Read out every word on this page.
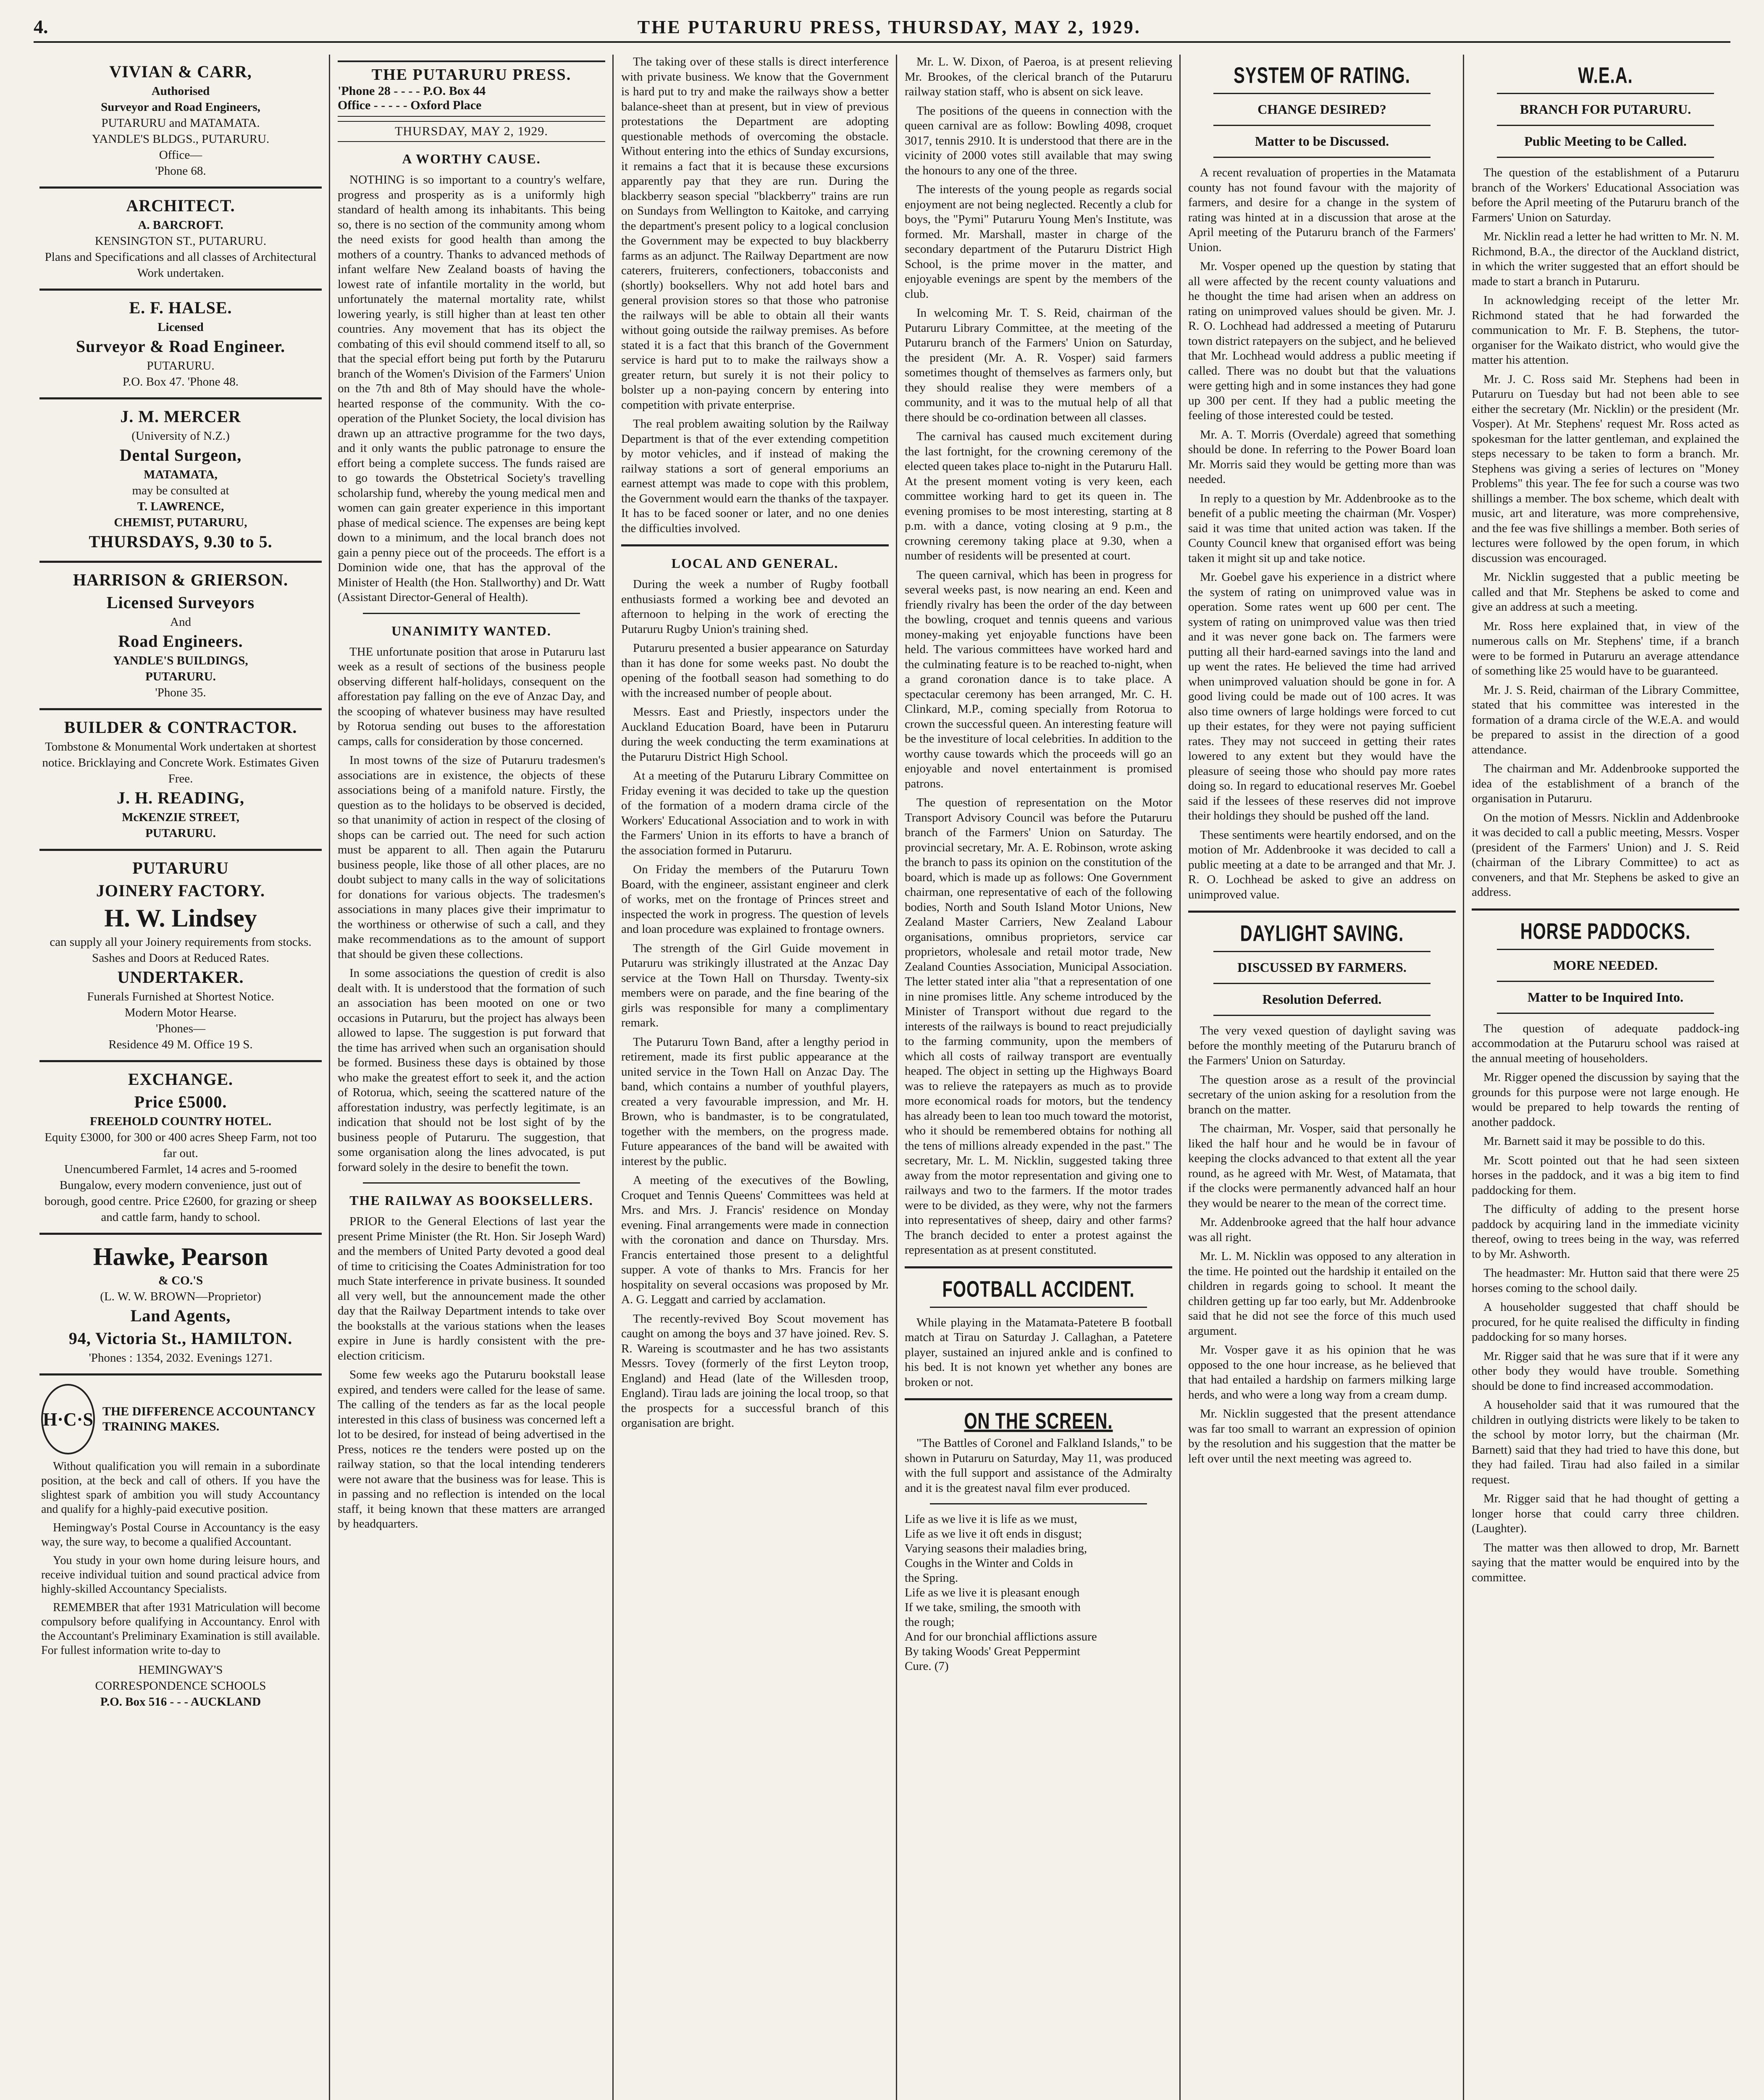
4.	THE PUTARURU PRESS, THURSDAY, MAY 2, 1929.
VIVIAN & CARR,
Authorised
Surveyor and Road Engineers,
PUTARURU and MATAMATA.
YANDLE'S BLDGS., PUTARURU.
Office—
'Phone 68.
ARCHITECT.
A. BARCROFT.
KENSINGTON ST., PUTARURU.
Plans and Specifications and all classes of Architectural Work undertaken.
E. F. HALSE.
Licensed
Surveyor & Road Engineer.
PUTARURU.
P.O. Box 47. 'Phone 48.
J. M. MERCER
(University of N.Z.)
Dental Surgeon,
MATAMATA,
may be consulted at
T. LAWRENCE,
CHEMIST, PUTARURU,
THURSDAYS, 9.30 to 5.
HARRISON & GRIERSON.
Licensed Surveyors
And
Road Engineers.
YANDLE'S BUILDINGS,
PUTARURU.
'Phone 35.
BUILDER & CONTRACTOR.
Tombstone & Monumental Work undertaken at shortest notice. Bricklaying and Concrete Work. Estimates Given Free.
J. H. READING,
McKENZIE STREET,
PUTARURU.
PUTARURU
JOINERY FACTORY.
H. W. Lindsey
can supply all your Joinery requirements from stocks. Sashes and Doors at Reduced Rates.
UNDERTAKER.
Funerals Furnished at Shortest Notice.
Modern Motor Hearse.
'Phones—
Residence 49 M. Office 19 S.
EXCHANGE.
Price £5000.
FREEHOLD COUNTRY HOTEL.
Equity £3000, for 300 or 400 acres Sheep Farm, not too far out.
Unencumbered Farmlet, 14 acres and 5-roomed Bungalow, every modern convenience, just out of borough, good centre. Price £2600, for grazing or sheep and cattle farm, handy to school.
Hawke, Pearson
& CO.'S
(L. W. W. BROWN—Proprietor)
Land Agents,
94, Victoria St., HAMILTON.
'Phones : 1354, 2032. Evenings 1271.
H·C·S THE DIFFERENCE ACCOUNTANCY TRAINING MAKES.

Without qualification you will remain in a subordinate position, at the beck and call of others. If you have the slightest spark of ambition you will study Accountancy and qualify for a highly-paid executive position.

Hemingway's Postal Course in Accountancy is the easy way, the sure way, to become a qualified Accountant.

You study in your own home during leisure hours, and receive individual tuition and sound practical advice from highly-skilled Accountancy Specialists.

REMEMBER that after 1931 Matriculation will become compulsory before qualifying in Accountancy. Enrol with the Accountant's Preliminary Examination is still available. For fullest information write to-day to

HEMINGWAY'S
CORRESPONDENCE SCHOOLS
P.O. Box 516 - - - AUCKLAND
THE PUTARURU PRESS.
'Phone 28 - - - - P.O. Box 44
Office - - - - - Oxford Place
THURSDAY, MAY 2, 1929.
A WORTHY CAUSE.

NOTHING is so important to a country's welfare, progress and prosperity as is a uniformly high standard of health among its inhabitants. This being so, there is no section of the community among whom the need exists for good health than among the mothers of a country. Thanks to advanced methods of infant welfare New Zealand boasts of having the lowest rate of infantile mortality in the world, but unfortunately the maternal mortality rate, whilst lowering yearly, is still higher than at least ten other countries. Any movement that has its object the combating of this evil should commend itself to all, so that the special effort being put forth by the Putaruru branch of the Women's Division of the Farmers' Union on the 7th and 8th of May should have the whole-hearted response of the community. With the co-operation of the Plunket Society, the local division has drawn up an attractive programme for the two days, and it only wants the public patronage to ensure the effort being a complete success. The funds raised are to go towards the Obstetrical Society's travelling scholarship fund, whereby the young medical men and women can gain greater experience in this important phase of medical science. The expenses are being kept down to a minimum, and the local branch does not gain a penny piece out of the proceeds. The effort is a Dominion wide one, that has the approval of the Minister of Health (the Hon. Stallworthy) and Dr. Watt (Assistant Director-General of Health).

UNANIMITY WANTED.

THE unfortunate position that arose in Putaruru last week as a result of sections of the business people observing different half-holidays, consequent on the afforestation pay falling on the eve of Anzac Day, and the scooping of whatever business may have resulted by Rotorua sending out buses to the afforestation camps, calls for consideration by those concerned.

In most towns of the size of Putaruru tradesmen's associations are in existence, the objects of these associations being of a manifold nature. Firstly, the question as to the holidays to be observed is decided, so that unanimity of action in respect of the closing of shops can be carried out. The need for such action must be apparent to all. Then again the Putaruru business people, like those of all other places, are no doubt subject to many calls in the way of solicitations for donations for various objects. The tradesmen's associations in many places give their imprimatur to the worthiness or otherwise of such a call, and they make recommendations as to the amount of support that should be given these collections.

In some associations the question of credit is also dealt with. It is understood that the formation of such an association has been mooted on one or two occasions in Putaruru, but the project has always been allowed to lapse. The suggestion is put forward that the time has arrived when such an organisation should be formed. Business these days is obtained by those who make the greatest effort to seek it, and the action of Rotorua, which, seeing the scattered nature of the afforestation industry, was perfectly legitimate, is an indication that should not be lost sight of by the business people of Putaruru. The suggestion, that some organisation along the lines advocated, is put forward solely in the desire to benefit the town.

THE RAILWAY AS BOOKSELLERS.

PRIOR to the General Elections of last year the present Prime Minister (the Rt. Hon. Sir Joseph Ward) and the members of United Party devoted a good deal of time to criticising the Coates Administration for too much State interference in private business. It sounded all very well, but the announcement made the other day that the Railway Department intends to take over the bookstalls at the various stations when the leases expire in June is hardly consistent with the pre-election criticism.

Some few weeks ago the Putaruru bookstall lease expired, and tenders were called for the lease of same. The calling of the tenders as far as the local people interested in this class of business was concerned left a lot to be desired, for instead of being advertised in the Press, notices re the tenders were posted up on the railway station, so that the local intending tenderers were not aware that the business was for lease. This is in passing and no reflection is intended on the local staff, it being known that these matters are arranged by headquarters.

The taking over of these stalls is direct interference with private business. We know that the Government is hard put to try and make the railways show a better balance-sheet than at present, but in view of previous protestations the Department are adopting questionable methods of overcoming the obstacle. Without entering into the ethics of Sunday excursions, it remains a fact that it is because these excursions apparently pay that they are run. During the blackberry season special "blackberry" trains are run on Sundays from Wellington to Kaitoke, and carrying the department's present policy to a logical conclusion the Government may be expected to buy blackberry farms as an adjunct. The Railway Department are now caterers, fruiterers, confectioners, tobacconists and (shortly) booksellers. Why not add hotel bars and general provision stores so that those who patronise the railways will be able to obtain all their wants without going outside the railway premises. As before stated it is a fact that this branch of the Government service is hard put to to make the railways show a greater return, but surely it is not their policy to bolster up a non-paying concern by entering into competition with private enterprise.

The real problem awaiting solution by the Railway Department is that of the ever extending competition by motor vehicles, and if instead of making the railway stations a sort of general emporiums an earnest attempt was made to cope with this problem, the Government would earn the thanks of the taxpayer. It has to be faced sooner or later, and no one denies the difficulties involved.

LOCAL AND GENERAL.

During the week a number of Rugby football enthusiasts formed a working bee and devoted an afternoon to helping in the work of erecting the Putaruru Rugby Union's training shed.

Putaruru presented a busier appearance on Saturday than it has done for some weeks past. No doubt the opening of the football season had something to do with the increased number of people about.

Messrs. East and Priestly, inspectors under the Auckland Education Board, have been in Putaruru during the week conducting the term examinations at the Putaruru District High School.

At a meeting of the Putaruru Library Committee on Friday evening it was decided to take up the question of the formation of a modern drama circle of the Workers' Educational Association and to work in with the Farmers' Union in its efforts to have a branch of the association formed in Putaruru.

On Friday the members of the Putaruru Town Board, with the engineer, assistant engineer and clerk of works, met on the frontage of Princes street and inspected the work in progress. The question of levels and loan procedure was explained to frontage owners.

The strength of the Girl Guide movement in Putaruru was strikingly illustrated at the Anzac Day service at the Town Hall on Thursday. Twenty-six members were on parade, and the fine bearing of the girls was responsible for many a complimentary remark.

The Putaruru Town Band, after a lengthy period in retirement, made its first public appearance at the united service in the Town Hall on Anzac Day. The band, which contains a number of youthful players, created a very favourable impression, and Mr. H. Brown, who is bandmaster, is to be congratulated, together with the members, on the progress made. Future appearances of the band will be awaited with interest by the public.

A meeting of the executives of the Bowling, Croquet and Tennis Queens' Committees was held at Mrs. and Mrs. J. Francis' residence on Monday evening. Final arrangements were made in connection with the coronation and dance on Thursday. Mrs. Francis entertained those present to a delightful supper. A vote of thanks to Mrs. Francis for her hospitality on several occasions was proposed by Mr. A. G. Leggatt and carried by acclamation.

The recently-revived Boy Scout movement has caught on among the boys and 37 have joined. Rev. S. R. Wareing is scoutmaster and he has two assistants Messrs. Tovey (formerly of the first Leyton troop, England) and Head (late of the Willesden troop, England). Tirau lads are joining the local troop, so that the prospects for a successful branch of this organisation are bright.

Mr. L. W. Dixon, of Paeroa, is at present relieving Mr. Brookes, of the clerical branch of the Putaruru railway station staff, who is absent on sick leave.

The positions of the queens in connection with the queen carnival are as follow: Bowling 4098, croquet 3017, tennis 2910. It is understood that there are in the vicinity of 2000 votes still available that may swing the honours to any one of the three.

The interests of the young people as regards social enjoyment are not being neglected. Recently a club for boys, the "Pymi" Putaruru Young Men's Institute, was formed. Mr. Marshall, master in charge of the secondary department of the Putaruru District High School, is the prime mover in the matter, and enjoyable evenings are spent by the members of the club.

In welcoming Mr. T. S. Reid, chairman of the Putaruru Library Committee, at the meeting of the Putaruru branch of the Farmers' Union on Saturday, the president (Mr. A. R. Vosper) said farmers sometimes thought of themselves as farmers only, but they should realise they were members of a community, and it was to the mutual help of all that there should be co-ordination between all classes.

The carnival has caused much excitement during the last fortnight, for the crowning ceremony of the elected queen takes place to-night in the Putaruru Hall. At the present moment voting is very keen, each committee working hard to get its queen in. The evening promises to be most interesting, starting at 8 p.m. with a dance, voting closing at 9 p.m., the crowning ceremony taking place at 9.30, when a number of residents will be presented at court.

The queen carnival, which has been in progress for several weeks past, is now nearing an end. Keen and friendly rivalry has been the order of the day between the bowling, croquet and tennis queens and various money-making yet enjoyable functions have been held. The various committees have worked hard and the culminating feature is to be reached to-night, when a grand coronation dance is to take place. A spectacular ceremony has been arranged, Mr. C. H. Clinkard, M.P., coming specially from Rotorua to crown the successful queen. An interesting feature will be the investiture of local celebrities. In addition to the worthy cause towards which the proceeds will go an enjoyable and novel entertainment is promised patrons.

The question of representation on the Motor Transport Advisory Council was before the Putaruru branch of the Farmers' Union on Saturday. The provincial secretary, Mr. A. E. Robinson, wrote asking the branch to pass its opinion on the constitution of the board, which is made up as follows: One Government chairman, one representative of each of the following bodies, North and South Island Motor Unions, New Zealand Master Carriers, New Zealand Labour organisations, omnibus proprietors, service car proprietors, wholesale and retail motor trade, New Zealand Counties Association, Municipal Association. The letter stated inter alia "that a representation of one in nine promises little. Any scheme introduced by the Minister of Transport without due regard to the interests of the railways is bound to react prejudicially to the farming community, upon the members of which all costs of railway transport are eventually heaped. The object in setting up the Highways Board was to relieve the ratepayers as much as to provide more economical roads for motors, but the tendency has already been to lean too much toward the motorist, who it should be remembered obtains for nothing all the tens of millions already expended in the past." The secretary, Mr. L. M. Nicklin, suggested taking three away from the motor representation and giving one to railways and two to the farmers. If the motor trades were to be divided, as they were, why not the farmers into representatives of sheep, dairy and other farms? The branch decided to enter a protest against the representation as at present constituted.

FOOTBALL ACCIDENT.

While playing in the Matamata-Patetere B football match at Tirau on Saturday J. Callaghan, a Patetere player, sustained an injured ankle and is confined to his bed. It is not known yet whether any bones are broken or not.

ON THE SCREEN.

"The Battles of Coronel and Falkland Islands," to be shown in Putaruru on Saturday, May 11, was produced with the full support and assistance of the Admiralty and it is the greatest naval film ever produced.

Life as we live it is life as we must,
Life as we live it oft ends in disgust;
Varying seasons their maladies bring,
Coughs in the Winter and Colds in
the Spring.
Life as we live it is pleasant enough
If we take, smiling, the smooth with
the rough;
And for our bronchial afflictions assure
By taking Woods' Great Peppermint
Cure. (7)
SYSTEM OF RATING.
CHANGE DESIRED?
Matter to be Discussed.

A recent revaluation of properties in the Matamata county has not found favour with the majority of farmers, and desire for a change in the system of rating was hinted at in a discussion that arose at the April meeting of the Putaruru branch of the Farmers' Union.

Mr. Vosper opened up the question by stating that all were affected by the recent county valuations and he thought the time had arisen when an address on rating on unimproved values should be given. Mr. J. R. O. Lochhead had addressed a meeting of Putaruru town district ratepayers on the subject, and he believed that Mr. Lochhead would address a public meeting if called. There was no doubt but that the valuations were getting high and in some instances they had gone up 300 per cent. If they had a public meeting the feeling of those interested could be tested.

Mr. A. T. Morris (Overdale) agreed that something should be done. In referring to the Power Board loan Mr. Morris said they would be getting more than was needed.

In reply to a question by Mr. Addenbrooke as to the benefit of a public meeting the chairman (Mr. Vosper) said it was time that united action was taken. If the County Council knew that organised effort was being taken it might sit up and take notice.

Mr. Goebel gave his experience in a district where the system of rating on unimproved value was in operation. Some rates went up 600 per cent. The system of rating on unimproved value was then tried and it was never gone back on. The farmers were putting all their hard-earned savings into the land and up went the rates. He believed the time had arrived when unimproved valuation should be gone in for. A good living could be made out of 100 acres. It was also time owners of large holdings were forced to cut up their estates, for they were not paying sufficient rates. They may not succeed in getting their rates lowered to any extent but they would have the pleasure of seeing those who should pay more rates doing so. In regard to educational reserves Mr. Goebel said if the lessees of these reserves did not improve their holdings they should be pushed off the land.

These sentiments were heartily endorsed, and on the motion of Mr. Addenbrooke it was decided to call a public meeting at a date to be arranged and that Mr. J. R. O. Lochhead be asked to give an address on unimproved value.

DAYLIGHT SAVING.
DISCUSSED BY FARMERS.
Resolution Deferred.

The very vexed question of daylight saving was before the monthly meeting of the Putaruru branch of the Farmers' Union on Saturday.

The question arose as a result of the provincial secretary of the union asking for a resolution from the branch on the matter.

The chairman, Mr. Vosper, said that personally he liked the half hour and he would be in favour of keeping the clocks advanced to that extent all the year round, as he agreed with Mr. West, of Matamata, that if the clocks were permanently advanced half an hour they would be nearer to the mean of the correct time.

Mr. Addenbrooke agreed that the half hour advance was all right.

Mr. L. M. Nicklin was opposed to any alteration in the time. He pointed out the hardship it entailed on the children in regards going to school. It meant the children getting up far too early, but Mr. Addenbrooke said that he did not see the force of this much used argument.

Mr. Vosper gave it as his opinion that he was opposed to the one hour increase, as he believed that that had entailed a hardship on farmers milking large herds, and who were a long way from a cream dump.

Mr. Nicklin suggested that the present attendance was far too small to warrant an expression of opinion by the resolution and his suggestion that the matter be left over until the next meeting was agreed to.

W.E.A.
BRANCH FOR PUTARURU.
Public Meeting to be Called.

The question of the establishment of a Putaruru branch of the Workers' Educational Association was before the April meeting of the Putaruru branch of the Farmers' Union on Saturday.

Mr. Nicklin read a letter he had written to Mr. N. M. Richmond, B.A., the director of the Auckland district, in which the writer suggested that an effort should be made to start a branch in Putaruru.

In acknowledging receipt of the letter Mr. Richmond stated that he had forwarded the communication to Mr. F. B. Stephens, the tutor-organiser for the Waikato district, who would give the matter his attention.

Mr. J. C. Ross said Mr. Stephens had been in Putaruru on Tuesday but had not been able to see either the secretary (Mr. Nicklin) or the president (Mr. Vosper). At Mr. Stephens' request Mr. Ross acted as spokesman for the latter gentleman, and explained the steps necessary to be taken to form a branch. Mr. Stephens was giving a series of lectures on "Money Problems" this year. The fee for such a course was two shillings a member. The box scheme, which dealt with music, art and literature, was more comprehensive, and the fee was five shillings a member. Both series of lectures were followed by the open forum, in which discussion was encouraged.

Mr. Nicklin suggested that a public meeting be called and that Mr. Stephens be asked to come and give an address at such a meeting.

Mr. Ross here explained that, in view of the numerous calls on Mr. Stephens' time, if a branch were to be formed in Putaruru an average attendance of something like 25 would have to be guaranteed.

Mr. J. S. Reid, chairman of the Library Committee, stated that his committee was interested in the formation of a drama circle of the W.E.A. and would be prepared to assist in the direction of a good attendance.

The chairman and Mr. Addenbrooke supported the idea of the establishment of a branch of the organisation in Putaruru.

On the motion of Messrs. Nicklin and Addenbrooke it was decided to call a public meeting, Messrs. Vosper (president of the Farmers' Union) and J. S. Reid (chairman of the Library Committee) to act as conveners, and that Mr. Stephens be asked to give an address.

HORSE PADDOCKS.
MORE NEEDED.
Matter to be Inquired Into.

The question of adequate paddock-ing accommodation at the Putaruru school was raised at the annual meeting of householders.

Mr. Rigger opened the discussion by saying that the grounds for this purpose were not large enough. He would be prepared to help towards the renting of another paddock.

Mr. Barnett said it may be possible to do this.

Mr. Scott pointed out that he had seen sixteen horses in the paddock, and it was a big item to find paddocking for them.

The difficulty of adding to the present horse paddock by acquiring land in the immediate vicinity thereof, owing to trees being in the way, was referred to by Mr. Ashworth.

The headmaster: Mr. Hutton said that there were 25 horses coming to the school daily.

A householder suggested that chaff should be procured, for he quite realised the difficulty in finding paddocking for so many horses.

Mr. Rigger said that he was sure that if it were any other body they would have trouble. Something should be done to find increased accommodation.

A householder said that it was rumoured that the children in outlying districts were likely to be taken to the school by motor lorry, but the chairman (Mr. Barnett) said that they had tried to have this done, but they had failed. Tirau had also failed in a similar request.

Mr. Rigger said that he had thought of getting a longer horse that could carry three children. (Laughter).

The matter was then allowed to drop, Mr. Barnett saying that the matter would be enquired into by the committee.
